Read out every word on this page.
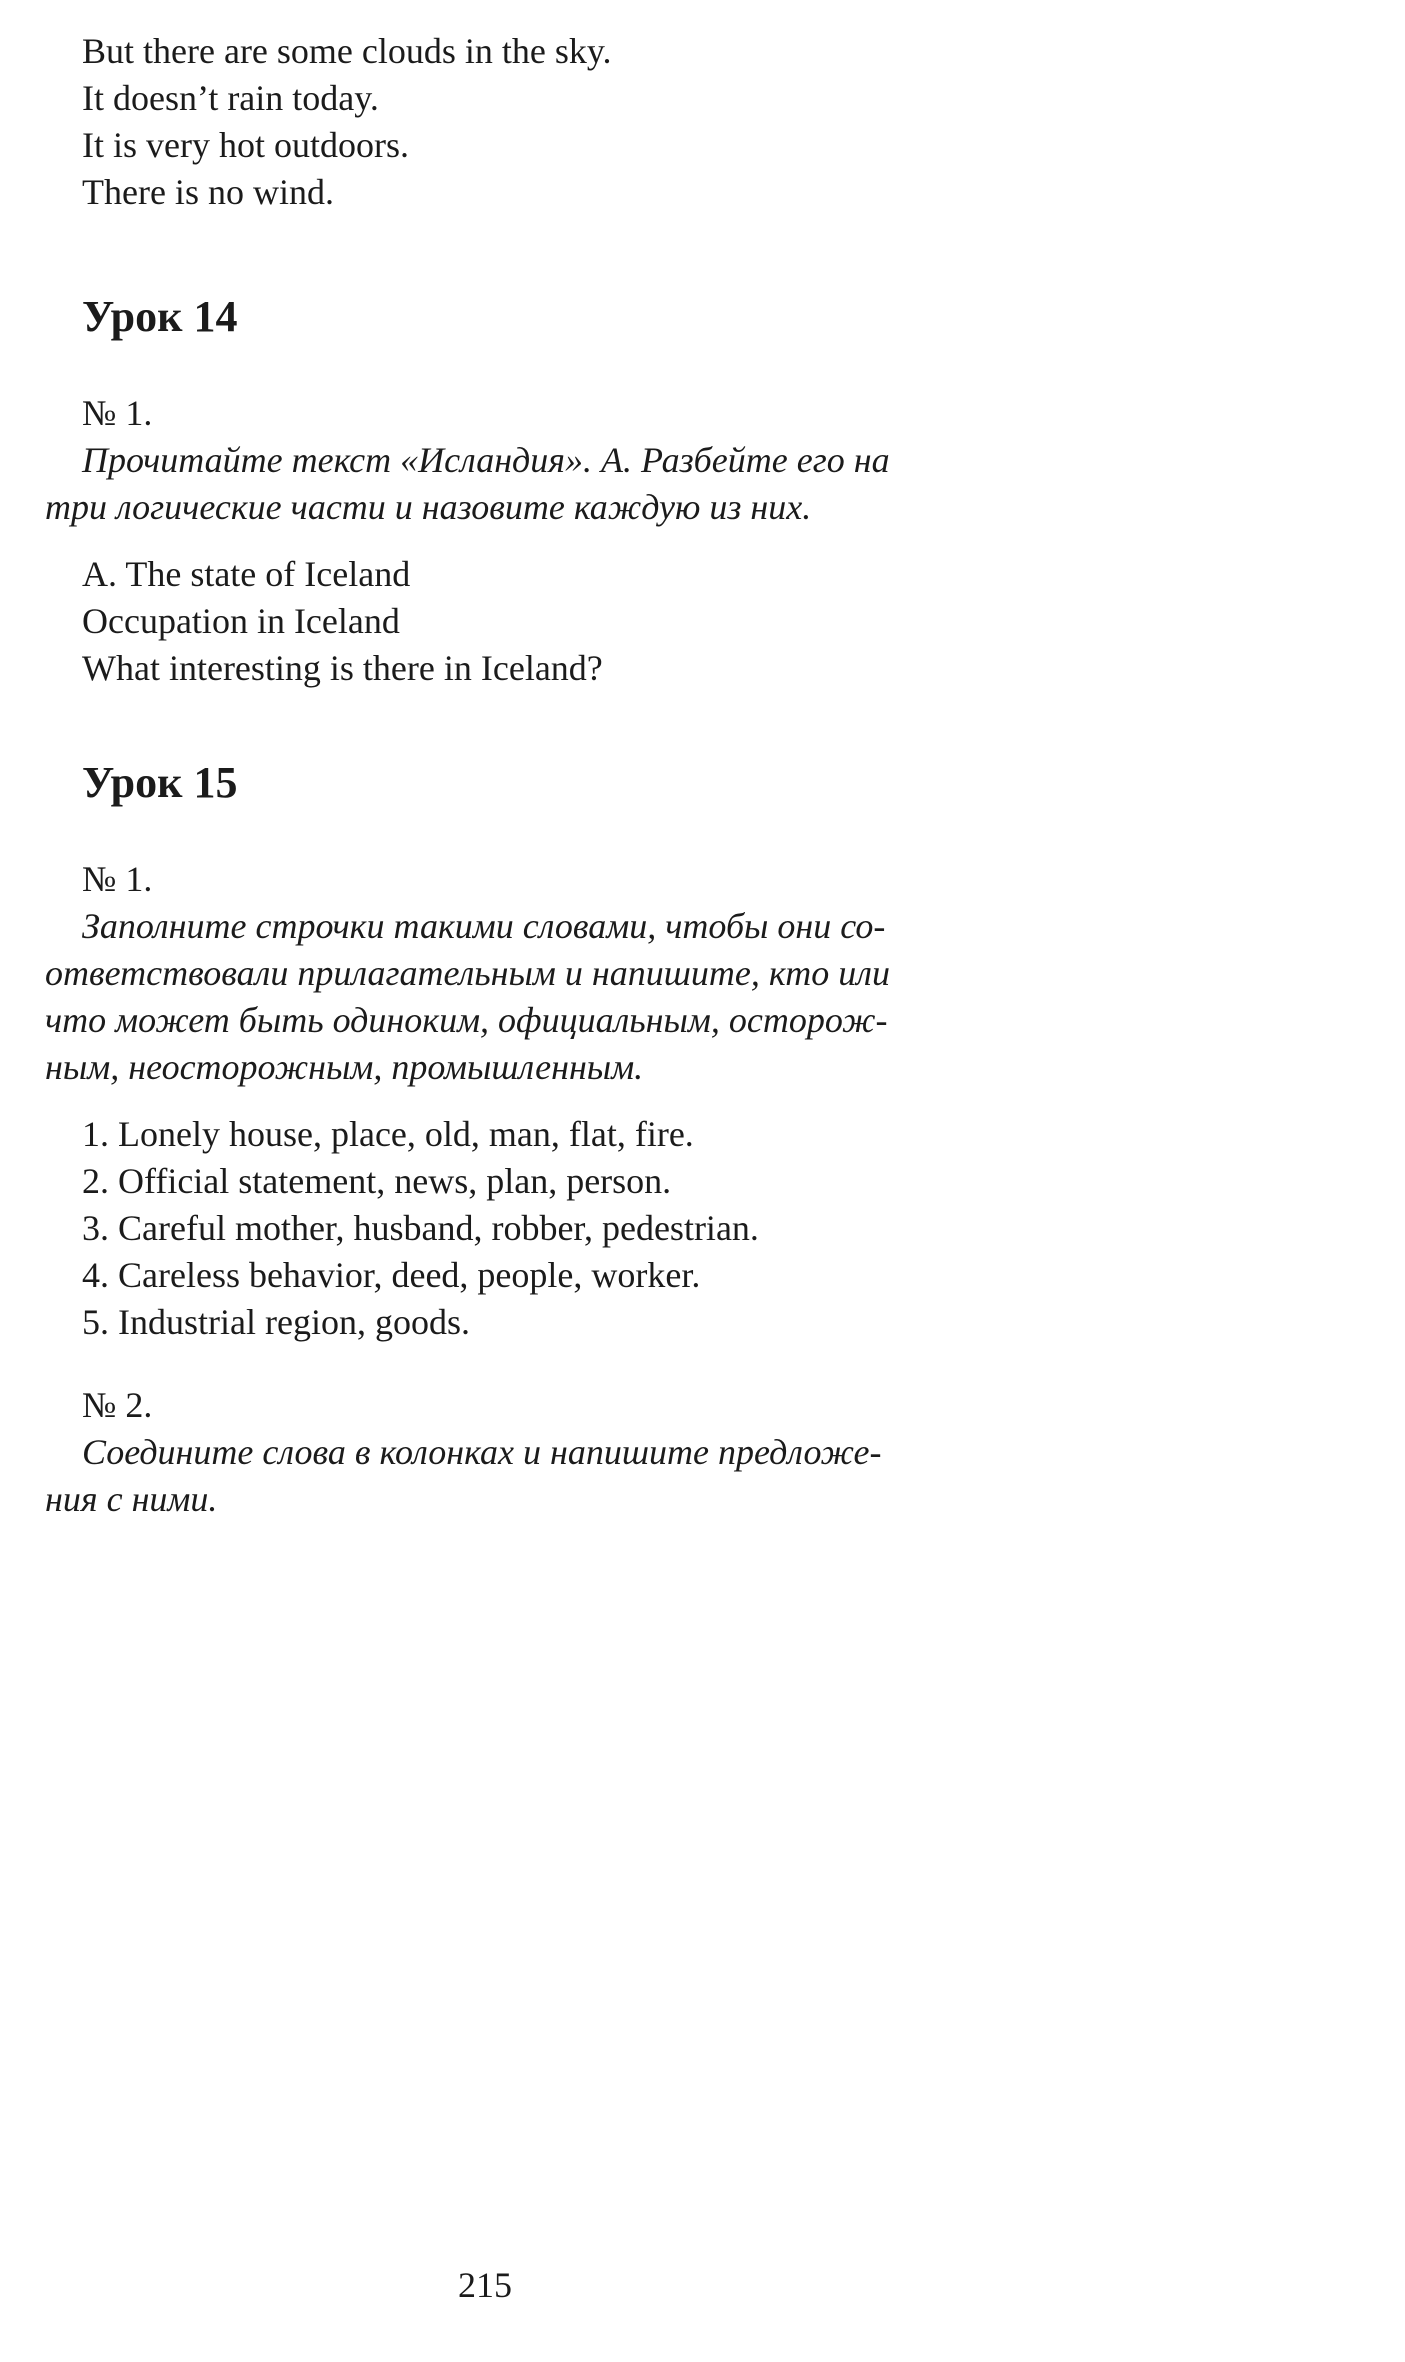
But there are some clouds in the sky.
It doesn’t rain today.
It is very hot outdoors.
There is no wind.
Урок 14
№ 1.
Прочитайте текст «Исландия». А. Разбейте его на
три логические части и назовите каждую из них.
A. The state of Iceland
Occupation in Iceland
What interesting is there in Iceland?
Урок 15
№ 1.
Заполните строчки такими словами, чтобы они со-
ответствовали прилагательным и напишите, кто или
что может быть одиноким, официальным, осторож-
ным, неосторожным, промышленным.
1. Lonely house, place, old, man, flat, fire.
2. Official statement, news, plan, person.
3. Careful mother, husband, robber, pedestrian.
4. Careless behavior, deed, people, worker.
5. Industrial region, goods.
№ 2.
Соедините слова в колонках и напишите предложе-
ния с ними.
215
